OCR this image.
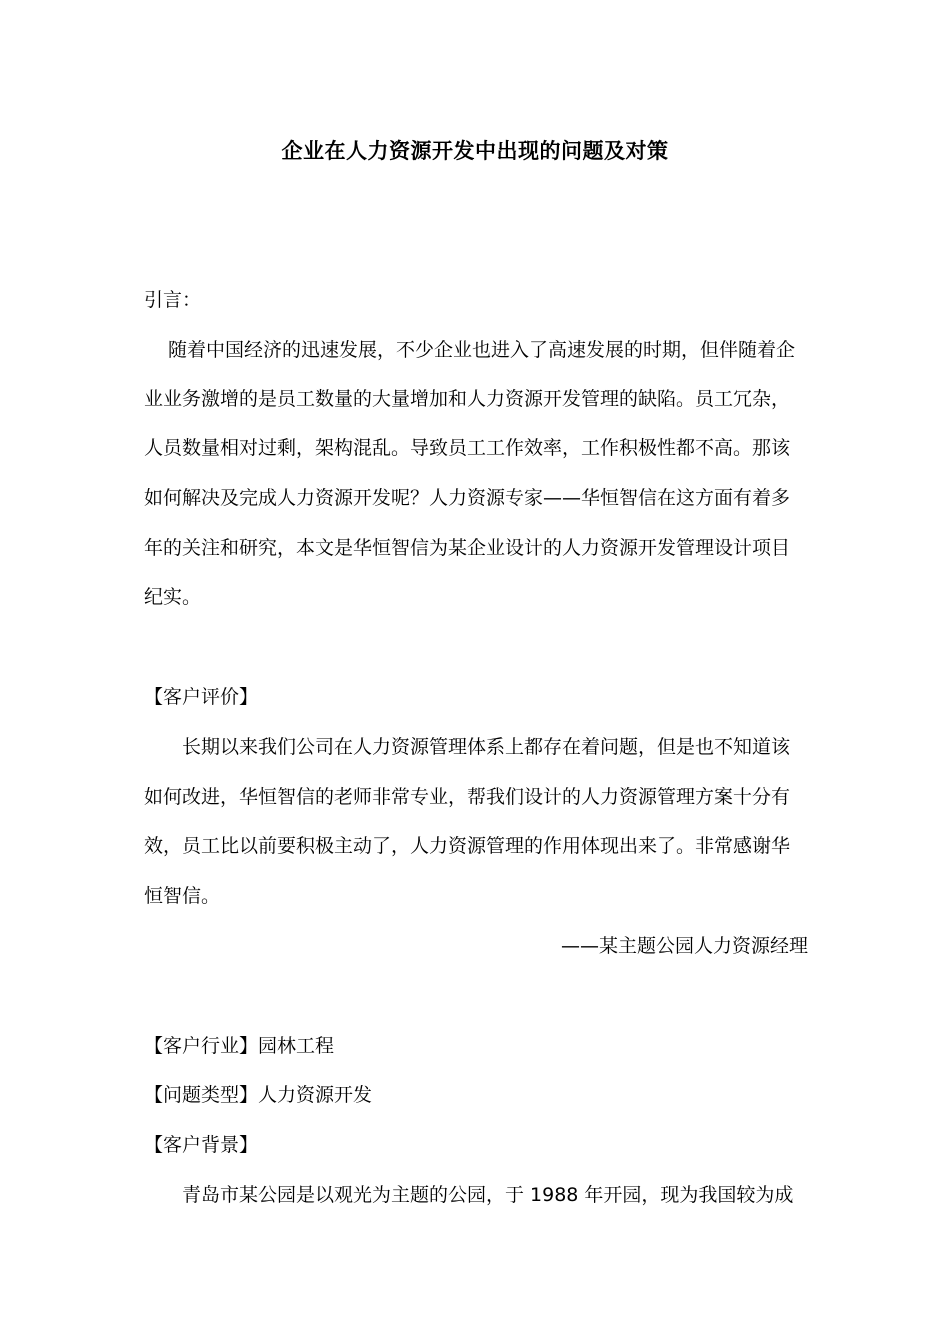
企业在人力资源开发中出现的问题及对策
引言：
随着中国经济的迅速发展，不少企业也进入了高速发展的时期，但伴随着企
业业务激增的是员工数量的大量增加和人力资源开发管理的缺陷。员工冗杂，
人员数量相对过剩，架构混乱。导致员工工作效率，工作积极性都不高。那该
如何解决及完成人力资源开发呢？人力资源专家——华恒智信在这方面有着多
年的关注和研究，本文是华恒智信为某企业设计的人力资源开发管理设计项目
纪实。
【客户评价】
长期以来我们公司在人力资源管理体系上都存在着问题，但是也不知道该
如何改进，华恒智信的老师非常专业，帮我们设计的人力资源管理方案十分有
效，员工比以前要积极主动了，人力资源管理的作用体现出来了。非常感谢华
恒智信。
——某主题公园人力资源经理
【客户行业】园林工程
【问题类型】人力资源开发
【客户背景】
青岛市某公园是以观光为主题的公园，于 1988 年开园，现为我国较为成
